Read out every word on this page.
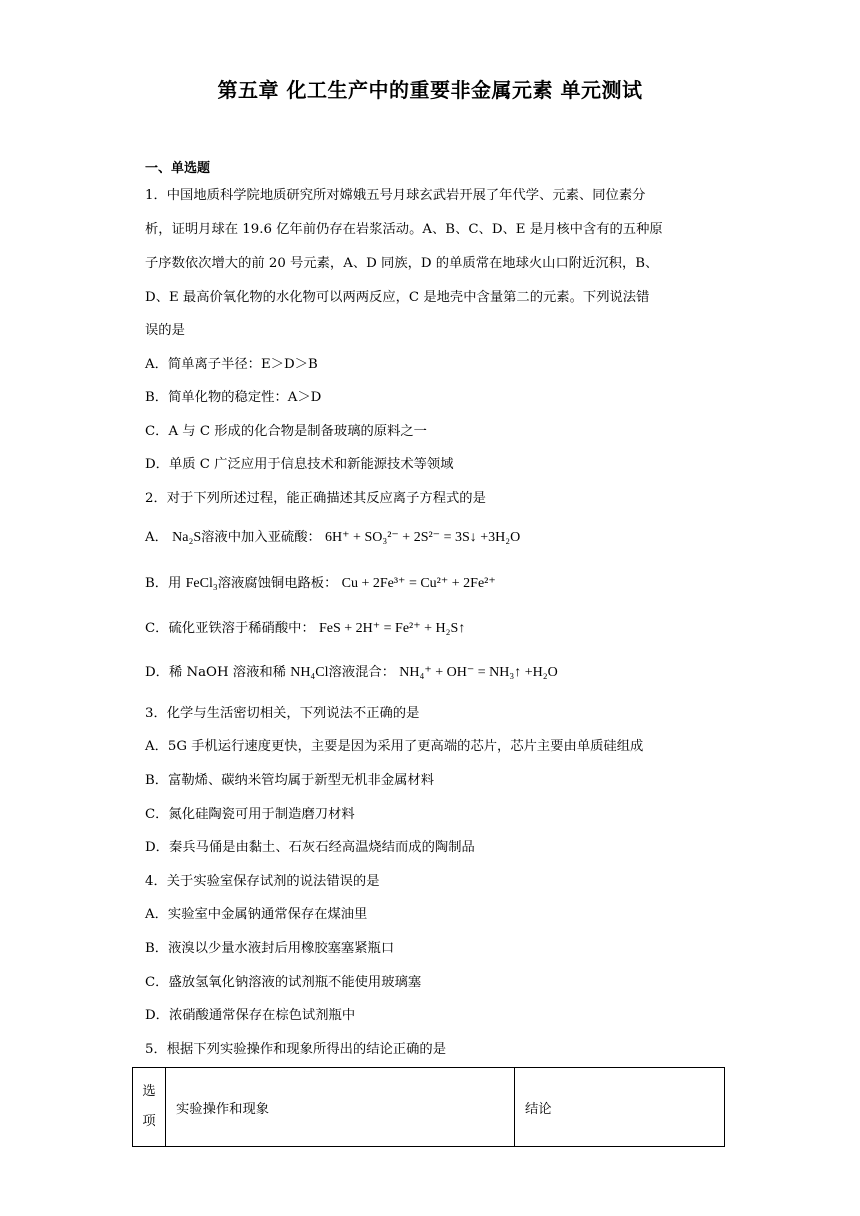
第五章 化工生产中的重要非金属元素 单元测试
一、单选题
1．中国地质科学院地质研究所对嫦娥五号月球玄武岩开展了年代学、元素、同位素分
析，证明月球在 19.6 亿年前仍存在岩浆活动。A、B、C、D、E 是月核中含有的五种原
子序数依次增大的前 20 号元素，A、D 同族，D 的单质常在地球火山口附近沉积，B、
D、E 最高价氧化物的水化物可以两两反应，C 是地壳中含量第二的元素。下列说法错
误的是
A．简单离子半径：E＞D＞B
B．简单化物的稳定性：A＞D
C．A 与 C 形成的化合物是制备玻璃的原料之一
D．单质 C 广泛应用于信息技术和新能源技术等领域
2．对于下列所述过程，能正确描述其反应离子方程式的是
A． Na₂S溶液中加入亚硫酸： 6H⁺ + SO₃²⁻ + 2S²⁻ = 3S↓ +3H₂O
B．用 FeCl₃溶液腐蚀铜电路板： Cu + 2Fe³⁺ = Cu²⁺ + 2Fe²⁺
C．硫化亚铁溶于稀硝酸中： FeS + 2H⁺ = Fe²⁺ + H₂S↑
D．稀 NaOH 溶液和稀 NH₄Cl溶液混合： NH₄⁺ + OH⁻ = NH₃↑ +H₂O
3．化学与生活密切相关，下列说法不正确的是
A．5G 手机运行速度更快，主要是因为采用了更高端的芯片，芯片主要由单质硅组成
B．富勒烯、碳纳米管均属于新型无机非金属材料
C．氮化硅陶瓷可用于制造磨刀材料
D．秦兵马俑是由黏土、石灰石经高温烧结而成的陶制品
4．关于实验室保存试剂的说法错误的是
A．实验室中金属钠通常保存在煤油里
B．液溴以少量水液封后用橡胶塞塞紧瓶口
C．盛放氢氧化钠溶液的试剂瓶不能使用玻璃塞
D．浓硝酸通常保存在棕色试剂瓶中
5．根据下列实验操作和现象所得出的结论正确的是
选
项
	实验操作和现象	结论
